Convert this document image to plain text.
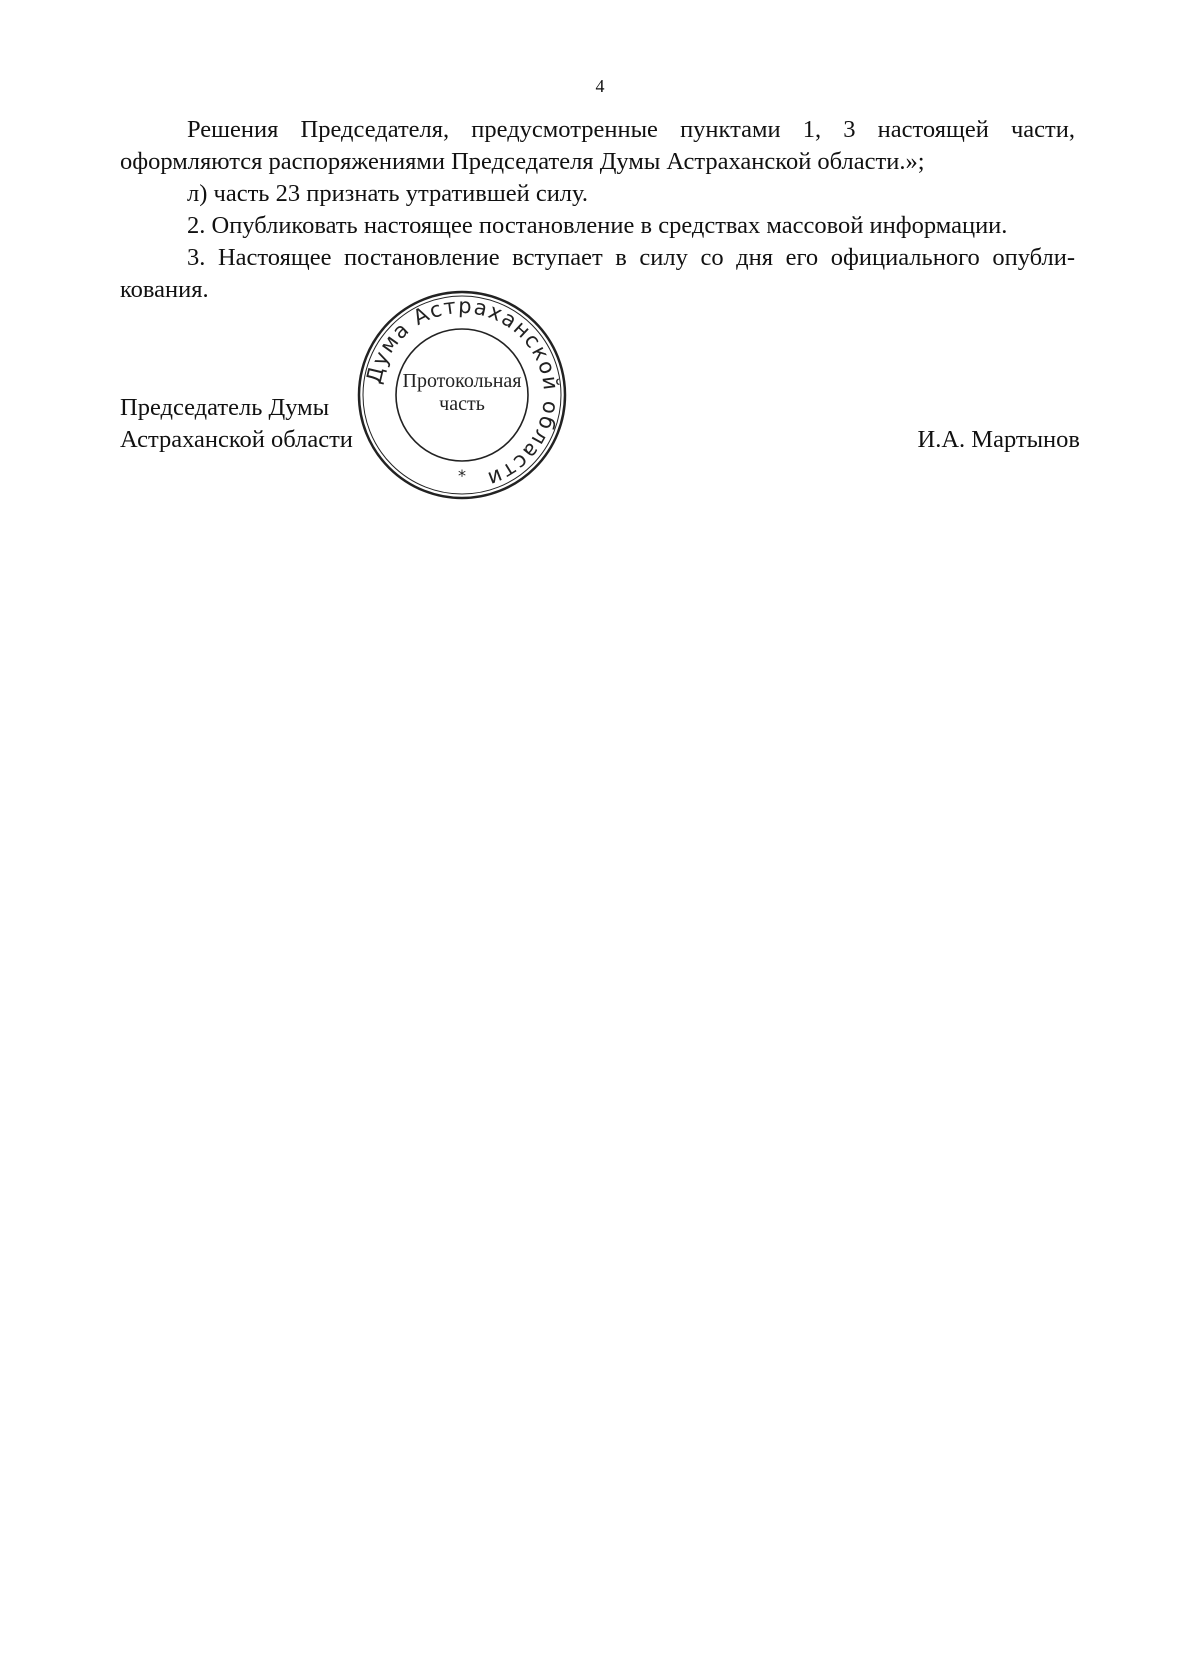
4
Решения Председателя, предусмотренные пунктами 1, 3 настоящей части,
оформляются распоряжениями Председателя Думы Астраханской области.»;
л) часть 23 признать утратившей силу.
2. Опубликовать настоящее постановление в средствах массовой информации.
3. Настоящее постановление вступает в силу со дня его официального опубли-
кования.
Председатель Думы
Астраханской области	И.А. Мартынов
Дума Астраханской области
Протокольная
часть
*
